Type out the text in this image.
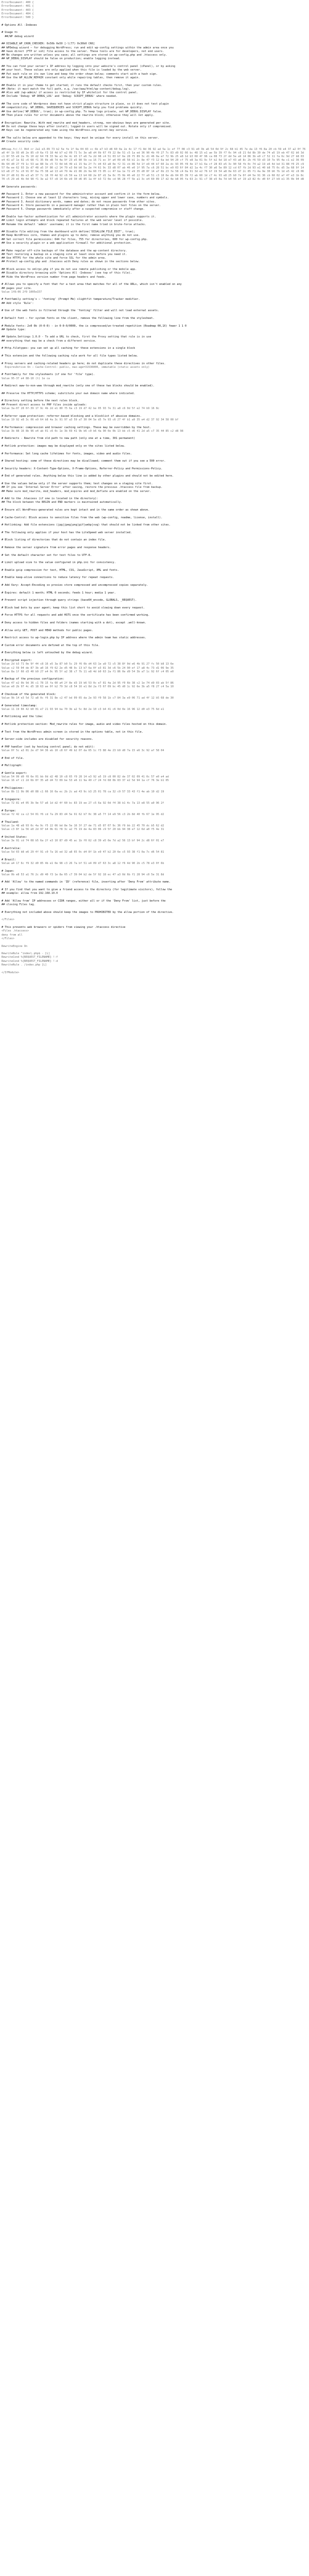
ErrorDocument: 400 {
ErrorDocument: 401 {
ErrorDocument: 403 {
ErrorDocument: 404 {
ErrorDocument: 500 }
# Options All -Indexes
# Usage =>
##/WP debug wizard
## DISABLE_WP_CRON_CHECKER: 0x50b 0e50 [-l(77) 0x30b0 CR6]
## WPDebug wizard — for debugging WordPress; run and edit wp-config settings within the admin area once you
## have direct (FTP or ssh) file access to the server. These tools are for developers, not end users.
## No changes are written unless you save; all settings are stored in wp-config.php and .htaccess only.
## WP_DEBUG_DISPLAY should be false on production; enable logging instead.
## You can find your server's IP address by logging into your website's control panel (cPanel), or by asking
## your host. These values are only applied when this file is loaded by the web server.
## Put each rule on its own line and keep the order shown below; comments start with a hash sign.
## Use the WP_ALLOW_REPAIR constant only while repairing tables, then remove it again.
## Enable it in your theme to get started; it runs the default checks first, then your custom rules.
## (Note: it must match the full path, e.g. /var/www/html/wp-content/debug.log).
## Also add /wp-admin/ if access is restricted by IP whitelist for the control panel.
## Include 'Debug: WP DEBUG_LOG' and 'Debug: SCRIPT_DEBUG' where needed.
## The core code of Wordpress does not have strict plugin structure in place, so it does not test plugin
## compatibility. WP_DEBUG, SAVEQUERIES and SCRIPT_DEBUG help you find problems quickly.
## Use define('WP_DEBUG', true); in wp-config.php. To keep logs private, set WP_DEBUG_DISPLAY false.
## Then place rules for error documents above the rewrite block; otherwise they will not apply.
# Encryption: Rewrite. With mod_rewrite and mod_headers, strong, non-obvious keys are generated per site.
## Do not change these keys after install; logged-in users will be signed out. Rotate only if compromised.
## Keys can be regenerated any time using the WordPress.org secret-key service.
## The salts below are appended to the keys; they must be unique for every install on this server.
## Create security code:
##hxap.fc(-ll 0b4 cr 2a1 e3.09 73 b2 5e fe 1f 9a 04 83 cc 6b e7 b3 d8 60 0a 2e 4c 17 f1 8d 36 92 ad 5a 1c ef 77 08 c3 91 e0 3b a6 54 0d 9f 2c 68 b1 45 7e da 13 f6 8a 20 cb 59 e4 37 a2 0f 76
a0 4f 1b 93 d6 2e 85 c0 6a f3 18 4d b7 e2 09 71 5c 3e a8 d4 0b 67 f9 22 8e 51 c5 1a ed 36 90 4b f0 27 7c 83 d9 02 66 bc 48 15 e1 ae 5b 39 f7 0c 94 c8 21 6d 8b 30 de 74 a5 19 eb 47 02 b6 3d
c1 8f 55 e9 2a 7b 10 d2 64 f8 33 9e a1 0e 4c b5 17 e6 7a 2d 98 c4 51 03 bf 6e 28 f5 89 3c d1 46 0a ef 72 9b 25 e8 1d b3 60 4f 96 ca 08 73 2f dd 5e a9 14 86 3b e0 c7 52 11 fa 6c 9d 27 b8 03
e4 41 a7 1e 92 c6 68 f1 35 0b d8 7d 4a 9f 23 e5 80 5b ca 16 71 ec 3f a4 09 d6 58 b1 2c 8e 47 f3 12 6a bd 94 20 cf 75 e8 3a 01 9c 5f b2 6d 18 e7 43 a0 8c 2b f6 59 d3 10 7e 95 4a c1 e2 36 09
8b 64 d0 27 f9 1c 53 ae 88 3e c5 72 0d b6 49 e1 15 9a 2f 7c d4 63 a8 0e f2 31 cb 86 5d 1f e9 44 b7 60 2a dc 93 05 f8 4e 17 b1 6a cf 28 83 e5 3c 90 58 fb 0c 74 a2 19 e6 4d bd 31 88 f0 25 c9
57 0a ee 62 93 1b d7 48 a5 3f 86 c2 14 79 e3 0d b0 5a 2e f4 61 9c 33 d8 07 ab 46 e0 1f 95 7a c6 28 51 bc e9 03 6f 84 d2 1a 4c f7 30 a6 5e 89 12 cd 67 fb 2d 93 e1 40 b8 75 0c d5 3a 68 9f 14
b3 e8 27 5c c0 91 0f 6a f5 38 ad 13 e4 79 4e d1 86 2b 9a 60 f3 05 cc 47 ba 1e 72 e9 35 d0 8f 14 a7 6b 23 fe 58 c4 0a 91 3d e2 76 bf 19 54 a8 0e 63 d7 2c 85 f1 4a 9e 30 b6 7b 1d e5 42 c8 06
94 2f d8 61 0b e3 a5 37 7c 18 f0 4d 92 c6 59 ea 13 b4 68 2e 87 d1 3a 0c f5 9b 46 e0 22 7f a9 51 c3 18 6e db 04 85 39 f2 ab 60 1d c7 4c 93 e8 25 b0 7a 0f d4 5e 91 36 cb 68 02 af 47 e3 1b 8c
70 c5 29 e6 4b 0d 98 f1 3e a2 57 c8 14 6b e9 30 d6 85 1a 4f b3 72 0e cd 96 28 f7 5b a1 3c e4 60 89 17 d2 4e b8 05 fa 63 2c 91 c7 38 e5 0a 7d b4 56 ef 19 a3 82 4c d0 6f 27 b9 e1 35 0b 94 d8
## Generate passwords:
## Password 1. Enter a new password for the administrator account and confirm it in the form below.
## Password 2. Choose one at least 12 characters long, mixing upper and lower case, numbers and symbols.
## Password 3. Avoid dictionary words, names and dates; do not reuse passwords from other sites.
## Password 4. Store passwords in a password manager rather than in plain text files on the server.
## Password 5. Change passwords immediately after a suspected compromise or staff change.
## Enable two-factor authentication for all administrator accounts where the plugin supports it.
## Limit login attempts and block repeated failures at the web server level if possible.
## Rename the default 'admin' username; it is the first name tried in brute-force attacks.
## Disable file editing from the dashboard with define('DISALLOW_FILE_EDIT', true);
## Keep WordPress core, themes and plugins up to date; remove anything you do not use.
## Set correct file permissions: 644 for files, 755 for directories, 600 for wp-config.php.
## Use a security plugin or a web application firewall for additional protection.
## Make regular off-site backups of the database and the wp-content directory.
## Test restoring a backup on a staging site at least once before you need it.
## Use HTTPS for the whole site and force SSL for the admin area.
## Protect wp-config.php and .htaccess with Deny rules as shown in the sections below.
## Block access to xmlrpc.php if you do not use remote publishing or the mobile app.
## Disable directory browsing with 'Options All -Indexes' (see top of this file).
## Hide the WordPress version number from page headers and feeds.
# Allows you to specify a font that for a text area that matches for all of the URLs, which isn't enabled on any
## pages your site.
Value 1f8:06 2f9 1005e157
# Fontfamily setting's — 'fonting' (Prompt Me) slightfit temperature/Tracker modifier.
## Add style 'Rule':
# Use of the web fonts is filtered through the 'fonting' filter and will not load external assets.
# Default font — for system fonts on the client, remove the following line from the stylesheet.
# Module fonts: 2x0 0b (0-0-0) - in 0-0-0/0000, the is compressed/un-treated repetition (Roadmap 00,1X) fewer 1 1 0
## Update type:
## Update.Settings 1.0.0 - To add a URL to check, first the Proxy setting that rule is in use
## everything that may be a check from a different service.
# Http.filetypes: you can set up all caching for these extensions in a single block
# This extension and the following caching rule work for all file types listed below.
# Proxy servers and caching-related headers go here; do not duplicate these directives in other files.
ExpiresActive On — Cache-Control: public, max-age=31536000, immutable (static assets only)
# Fontfamily for the stylesheets (if one for 'file' type).
Value 95-37 e4 88-10 (t) 1e ca
# Redirect www-to-non-www through mod_rewrite (only one of these two blocks should be enabled).
## Preserve the HTTP/HTTPS scheme; substitute your own domain name where indicated.
# Directory setting before the next rules block.
## Prevent direct access to PHP files inside uploads:
Value 3a-07 28 6f-39 17 9c 4b 2d e1 80 f5 6a c3 19 d7 42 be 05 93 7e 31 a8 c6 0d 5f e2 74 b9 16 8c
# Referrer spam protection: referrer-based blocking and a blocklist of abusive domains.
Value 19 92 e8 3c 06 e9 64 b8 4a 3c 91 97 a3 59 a7 30 04 5e d5 7e 93 c6 27 4f b1 a9 35 e4 d2 37 92 34 58 00 bf
# Performance: compression and browser caching settings. These may be overridden by the host.
Value 3b 88 16 8b 96 e4 ab 01 c6 0c 1e 3b 69 41 9b b6 c0 b6 4a 90 0e 0b 13 bb c5 d6 41 2d a5 c7 35 44 85 c2 d8 98
# Redirects - Rewrite from old path to new path (only one at a time, 301 permanent)
# Hotlink protection: images may be displayed only on the sites listed below.
# Performance: Set long cache lifetimes for fonts, images, video and audio files.
# Shared hosting: some of these directives may be disallowed; comment them out if you see a 500 error.
# Security headers: X-Content-Type-Options, X-Frame-Options, Referrer-Policy and Permissions-Policy.
# End of generated rules. Anything below this line is added by other plugins and should not be edited here.
# Use the values below only if the server supports them; test changes on a staging site first.
## If you see 'Internal Server Error' after saving, restore the previous .htaccess file from backup.
## Make sure mod_rewrite, mod_headers, mod_expires and mod_deflate are enabled on the server.
# Add to the .htaccess (if one is located in the directory):
## The block between the BEGIN and END markers is maintained automatically.
# Ensure all WordPress-generated rules are kept intact and in the same order as shown above.
# Cache-Control: Block access to sensitive files from the web (wp-config, readme, license, install).
# Hotlinking: Add file extensions (jpg|jpeg|png|gif|webp|svg) that should not be linked from other sites.
# The following only applies if your host has the LiteSpeed web server installed.
# Block listing of directories that do not contain an index file.
# Remove the server signature from error pages and response headers.
# Set the default character set for text files to UTF-8.
# Limit upload size to the value configured in php.ini for consistency.
# Enable gzip compression for text, HTML, CSS, JavaScript, XML and fonts.
# Enable keep-alive connections to reduce latency for repeat requests.
# Add Vary: Accept-Encoding so proxies store compressed and uncompressed copies separately.
# Expires: default 1 month; HTML 0 seconds; feeds 1 hour; media 1 year.
# Prevent script injection through query strings (base64_encode, GLOBALS, _REQUEST).
# Block bad bots by user agent; keep this list short to avoid slowing down every request.
# Force HTTPS for all requests and add HSTS once the certificate has been confirmed working.
# Deny access to hidden files and folders (names starting with a dot), except .well-known.
# Allow only GET, POST and HEAD methods for public pages.
# Restrict access to wp-login.php by IP address where the admin team has static addresses.
# Custom error documents are defined at the top of this file.
# Everything below is left untouched by the debug wizard.
# Encrypted export:
Value 2d b3 71 0e 9f 44 c8 16 e5 3a 87 b0 5c 29 f6 0b d4 63 1e a9 72 c5 38 8f 0d e6 4b 91 27 fc 50 b8 13 6e
Value c2 59 04 de 87 3b a0 16 f9 62 2e d5 48 9c 13 b7 6a 0f e3 81 3d c6 5b 24 90 ef 17 a8 4c 73 d1 06 9e 35
Value 8a 1f 66 d3 40 b9 27 e4 0c 95 5f a2 38 c7 7b 11 e8 4d b0 63 2a f1 86 0e d9 54 3b a7 1c 92 6f c4 05 e0
# Backup of the previous configuration:
Value 47 e2 0b 9d 36 c1 78 15 fa 60 a4 2f 8e d3 19 b6 53 0c e7 81 4a 2d 95 f0 6b 38 c2 1e 74 d9 03 ab 5f 86
Value e0 2b 97 4c d5 18 63 ae 0f b2 79 3d c8 54 16 e1 8d 2a f3 67 09 bc 45 d0 1c 92 6e 3b a5 f8 27 c4 5a 10
# Checksum of the generated block:
Value 9b 14 e3 5d 72 a8 0c f6 31 8e c2 47 bd 09 65 da 2e 93 f0 58 1b c7 84 3a e9 06 71 ad 4f 12 b5 68 de 30
# Generated timestamp:
Value 11 19 66 42 b0 01 e7 21 93 94 ba 70 3b a2 5c 8d 2e 10 c3 b4 41 c6 0d 0e 16 96 12 d0 e3 75 6d e1
# Hotlinking and the like:
# Hotlink protection section: Mod_rewrite rules for image, audio and video files hosted on this domain.
# Text from the WordPress admin screen is stored in the options table, not in this file.
# Server-side includes are disabled for security reasons.
# PHP handler (set by hosting control panel; do not edit):
Value 0f 5c a3 81 2e d7 94 36 eb 10 c8 6f 49 b2 07 da 65 1c f3 88 4e 23 b9 d0 7a 15 e6 3c 92 af 58 04
# End of file.
# Mulligraph:
# Gentle export:
Value 54 99 d0 f8 6e 01 bb 0d d2 48 10 c8 65 f9 28 14 e3 92 a5 19 c8 00 82 de 37 02 09 41 0c 57 e0 e4 ad
Value 16 ef c1 2d 6b 8f 35 a0 d4 72 09 be 53 e6 11 9a 40 c7 24 fd 68 0b 83 37 e2 5d 94 1a cf 76 3e b1 05
# Philippines:
Value 8b 11 9b 86 d0 88 c1 66 16 0a ec 2b 2c ad 43 9c b3 25 01 78 ca 32 c9 57 33 43 f1 4e ab 10 d2 19
# Singapore:
Value 72 81 e4 05 3b 9e 57 a6 1d d2 4f 60 bc 83 19 ee 27 c5 6a 92 0d f4 38 b1 4c 7a 13 e8 55 a0 96 2f
# Europe:
Value f2 42 ca c2 54 01 f6 cd 7a 29 83 d4 5e 91 62 b7 0c 38 a5 7f 14 e9 56 c3 2b 8d 40 fb 67 1e 95 d2
# Thailand:
Value 1a 48 e8 93 0c 4a 9c f5 22 66 bd 8e 5e 16 3f 27 de 71 d5 87 07 9c 36 f9 bb 22 45 70 dc b5 62 d2
Value c3 8f 1a 56 e0 2d 97 b4 0b 61 f8 3c a2 75 19 de 4a 83 06 c9 5f 20 bb 94 38 e7 12 6d a0 f5 4e 31
# United States:
Value 3e 91 cd 74 08 b5 6a 2f e3 10 87 d9 45 ac 1b f0 62 c8 39 e5 0e 7d a2 56 13 bf 94 2c d8 6f 01 e7
# Australia:
Value 5d 03 b8 e6 29 4f 91 c0 7a 16 ed 32 a8 65 0c d4 8f 1b e9 47 b2 20 6e c5 93 38 f1 0a 7c d6 54 81
# Brazil:
Value a4 17 6c f9 32 d0 85 4b e1 0e 98 c3 26 7a bf 51 e4 09 d7 63 3c a8 12 f6 4d 90 2b c5 78 e3 0f 6b
# Japan:
Value 0b e8 53 a1 76 2c d9 40 f3 1e 8a 65 c7 39 04 b2 de 5f 92 18 ec 47 a3 0d 6b f1 28 94 c0 5e 31 8d
# Add 'Allow' to the named commands in 'ID' (reference) file, inserting after 'Deny From' attribute name.
# If you find that you want to give a friend access to the directory (for legitimate visitors), follow the
## example: allow from 192.168.10.0
# Add 'Allow from' IP addresses or CIDR ranges, either all or if the 'Deny From' list, just before the
## closing Files tag.
# Everything not included above should keep the images to PROHIBITED by the allow portion of the directive.
</Files>
# This prevents web browsers or spiders from viewing your .htaccess directive
<Files .htaccess>
deny from all
</Files>
RewriteEngine On
RewriteRule ^index\.php$ - [L]
RewriteCond %{REQUEST_FILENAME} !-f
RewriteCond %{REQUEST_FILENAME} !-d
RewriteRule . /index.php [L]
</IfModule>
